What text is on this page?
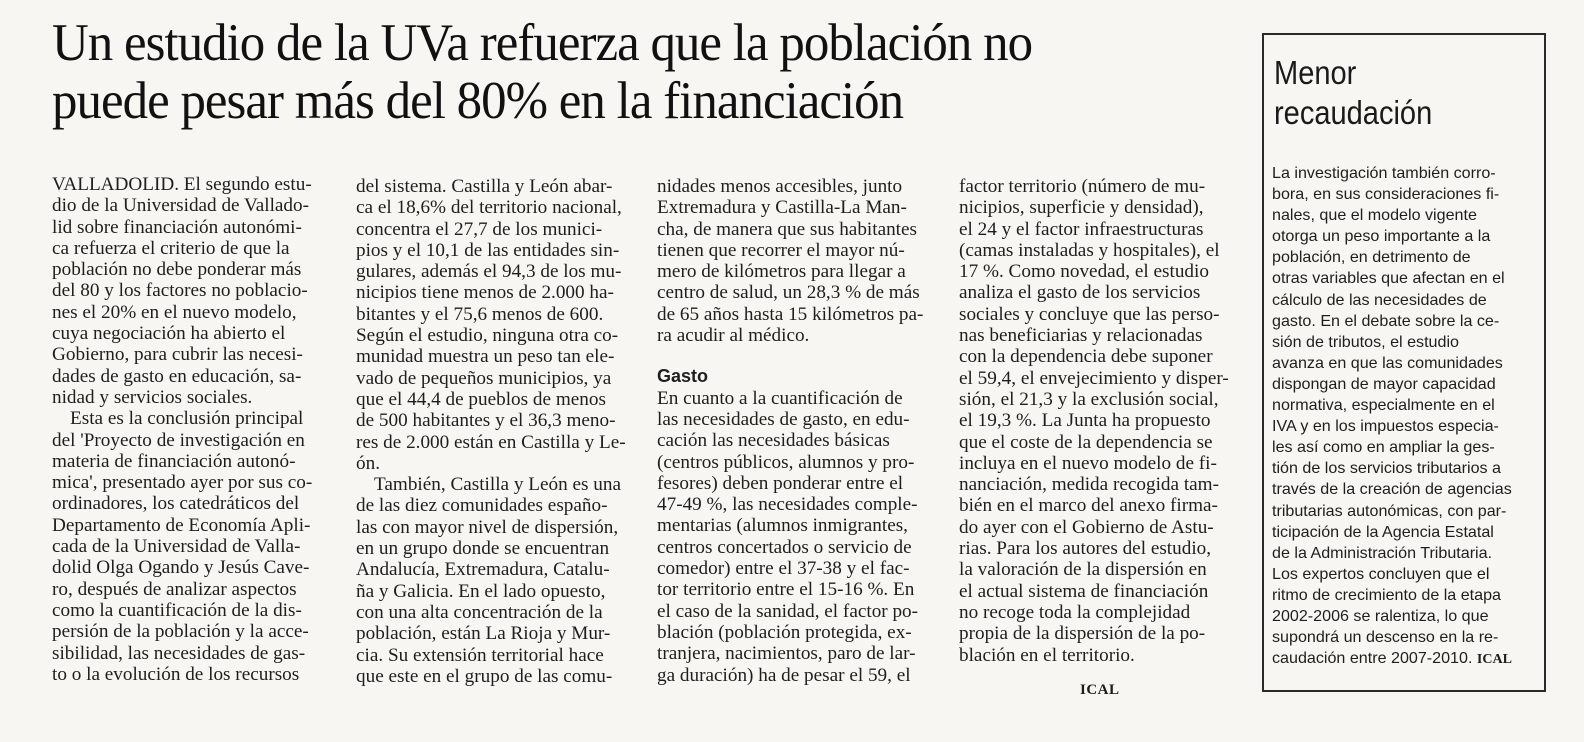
Un estudio de la UVa refuerza que la población no
puede pesar más del 80% en la financiación

VALLADOLID. El segundo estu-
dio de la Universidad de Vallado-
lid sobre financiación autonómi-
ca refuerza el criterio de que la
población no debe ponderar más
del 80 y los factores no poblacio-
nes el 20% en el nuevo modelo,
cuya negociación ha abierto el
Gobierno, para cubrir las necesi-
dades de gasto en educación, sa-
nidad y servicios sociales.

Esta es la conclusión principal
del 'Proyecto de investigación en
materia de financiación autonó-
mica', presentado ayer por sus co-
ordinadores, los catedráticos del
Departamento de Economía Apli-
cada de la Universidad de Valla-
dolid Olga Ogando y Jesús Cave-
ro, después de analizar aspectos
como la cuantificación de la dis-
persión de la población y la acce-
sibilidad, las necesidades de gas-
to o la evolución de los recursos

del sistema. Castilla y León abar-
ca el 18,6% del territorio nacional,
concentra el 27,7 de los munici-
pios y el 10,1 de las entidades sin-
gulares, además el 94,3 de los mu-
nicipios tiene menos de 2.000 ha-
bitantes y el 75,6 menos de 600.
Según el estudio, ninguna otra co-
munidad muestra un peso tan ele-
vado de pequeños municipios, ya
que el 44,4 de pueblos de menos
de 500 habitantes y el 36,3 meno-
res de 2.000 están en Castilla y Le-
ón.

También, Castilla y León es una
de las diez comunidades españo-
las con mayor nivel de dispersión,
en un grupo donde se encuentran
Andalucía, Extremadura, Catalu-
ña y Galicia. En el lado opuesto,
con una alta concentración de la
población, están La Rioja y Mur-
cia. Su extensión territorial hace
que este en el grupo de las comu-

nidades menos accesibles, junto
Extremadura y Castilla-La Man-
cha, de manera que sus habitantes
tienen que recorrer el mayor nú-
mero de kilómetros para llegar a
centro de salud, un 28,3 % de más
de 65 años hasta 15 kilómetros pa-
ra acudir al médico.

Gasto

En cuanto a la cuantificación de
las necesidades de gasto, en edu-
cación las necesidades básicas
(centros públicos, alumnos y pro-
fesores) deben ponderar entre el
47-49 %, las necesidades comple-
mentarias (alumnos inmigrantes,
centros concertados o servicio de
comedor) entre el 37-38 y el fac-
tor territorio entre el 15-16 %. En
el caso de la sanidad, el factor po-
blación (población protegida, ex-
tranjera, nacimientos, paro de lar-
ga duración) ha de pesar el 59, el

factor territorio (número de mu-
nicipios, superficie y densidad),
el 24 y el factor infraestructuras
(camas instaladas y hospitales), el
17 %. Como novedad, el estudio
analiza el gasto de los servicios
sociales y concluye que las perso-
nas beneficiarias y relacionadas
con la dependencia debe suponer
el 59,4, el envejecimiento y disper-
sión, el 21,3 y la exclusión social,
el 19,3 %. La Junta ha propuesto
que el coste de la dependencia se
incluya en el nuevo modelo de fi-
nanciación, medida recogida tam-
bién en el marco del anexo firma-
do ayer con el Gobierno de Astu-
rias. Para los autores del estudio,
la valoración de la dispersión en
el actual sistema de financiación
no recoge toda la complejidad
propia de la dispersión de la po-
blación en el territorio.

ICAL
Menor
recaudación
La investigación también corro-
bora, en sus consideraciones fi-
nales, que el modelo vigente
otorga un peso importante a la
población, en detrimento de
otras variables que afectan en el
cálculo de las necesidades de
gasto. En el debate sobre la ce-
sión de tributos, el estudio
avanza en que las comunidades
dispongan de mayor capacidad
normativa, especialmente en el
IVA y en los impuestos especia-
les así como en ampliar la ges-
tión de los servicios tributarios a
través de la creación de agencias
tributarias autonómicas, con par-
ticipación de la Agencia Estatal
de la Administración Tributaria.
Los expertos concluyen que el
ritmo de crecimiento de la etapa
2002-2006 se ralentiza, lo que
supondrá un descenso en la re-
caudación entre 2007-2010. ICAL
